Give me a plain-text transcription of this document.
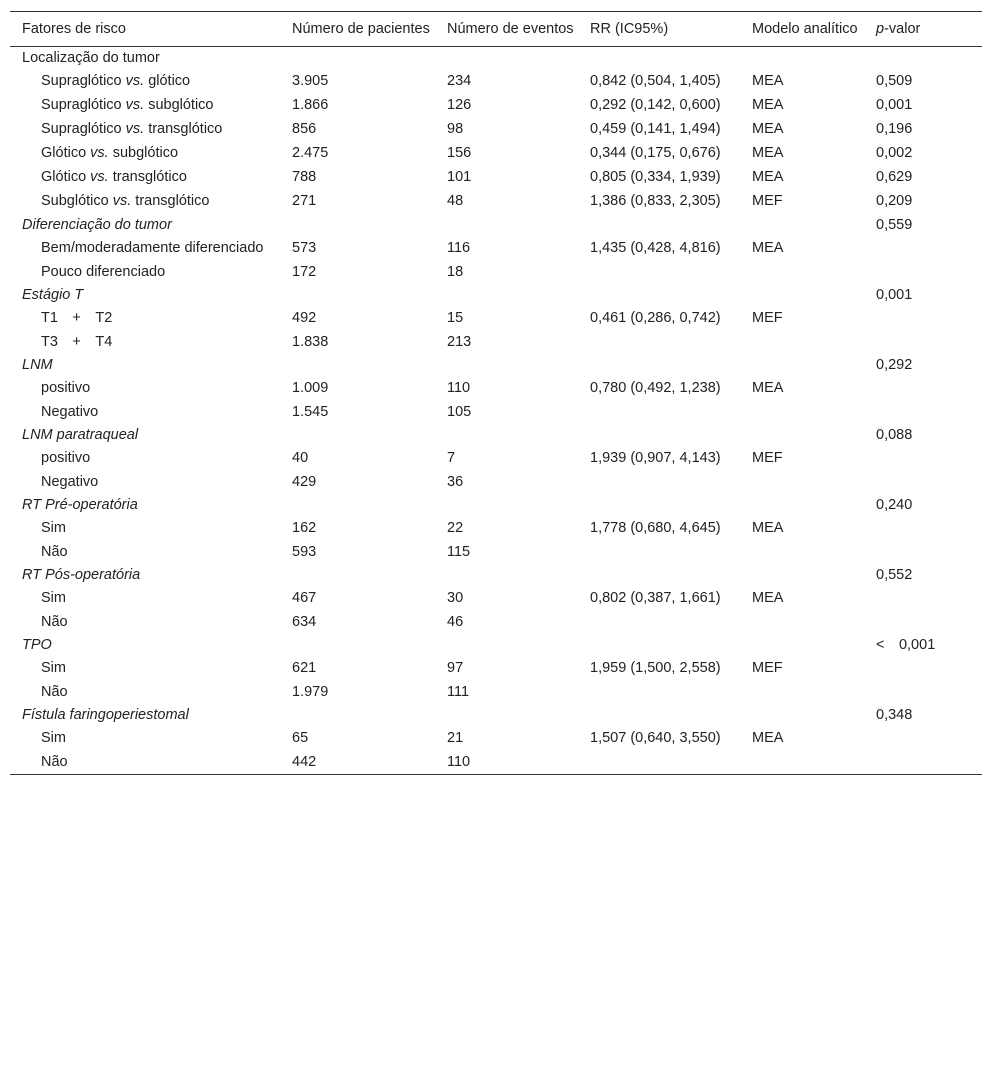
Fatores de risco	Número de pacientes	Número de eventos	RR (IC95%)	Modelo analítico	p-valor
Localização do tumor					
Supraglótico vs. glótico	3.905	234	0,842 (0,504, 1,405)	MEA	0,509
Supraglótico vs. subglótico	1.866	126	0,292 (0,142, 0,600)	MEA	0,001
Supraglótico vs. transglótico	856	98	0,459 (0,141, 1,494)	MEA	0,196
Glótico vs. subglótico	2.475	156	0,344 (0,175, 0,676)	MEA	0,002
Glótico vs. transglótico	788	101	0,805 (0,334, 1,939)	MEA	0,629
Subglótico vs. transglótico	271	48	1,386 (0,833, 2,305)	MEF	0,209
Diferenciação do tumor					0,559
Bem/moderadamente diferenciado	573	116	1,435 (0,428, 4,816)	MEA	
Pouco diferenciado	172	18			
Estágio T					0,001
T1  +  T2	492	15	0,461 (0,286, 0,742)	MEF	
T3  +  T4	1.838	213			
LNM					0,292
positivo	1.009	110	0,780 (0,492, 1,238)	MEA	
Negativo	1.545	105			
LNM paratraqueal					0,088
positivo	40	7	1,939 (0,907, 4,143)	MEF	
Negativo	429	36			
RT Pré-operatória					0,240
Sim	162	22	1,778 (0,680, 4,645)	MEA	
Não	593	115			
RT Pós-operatória					0,552
Sim	467	30	0,802 (0,387, 1,661)	MEA	
Não	634	46			
TPO					<  0,001
Sim	621	97	1,959 (1,500, 2,558)	MEF	
Não	1.979	111			
Fístula faringoperiestomal					0,348
Sim	65	21	1,507 (0,640, 3,550)	MEA	
Não	442	110			
